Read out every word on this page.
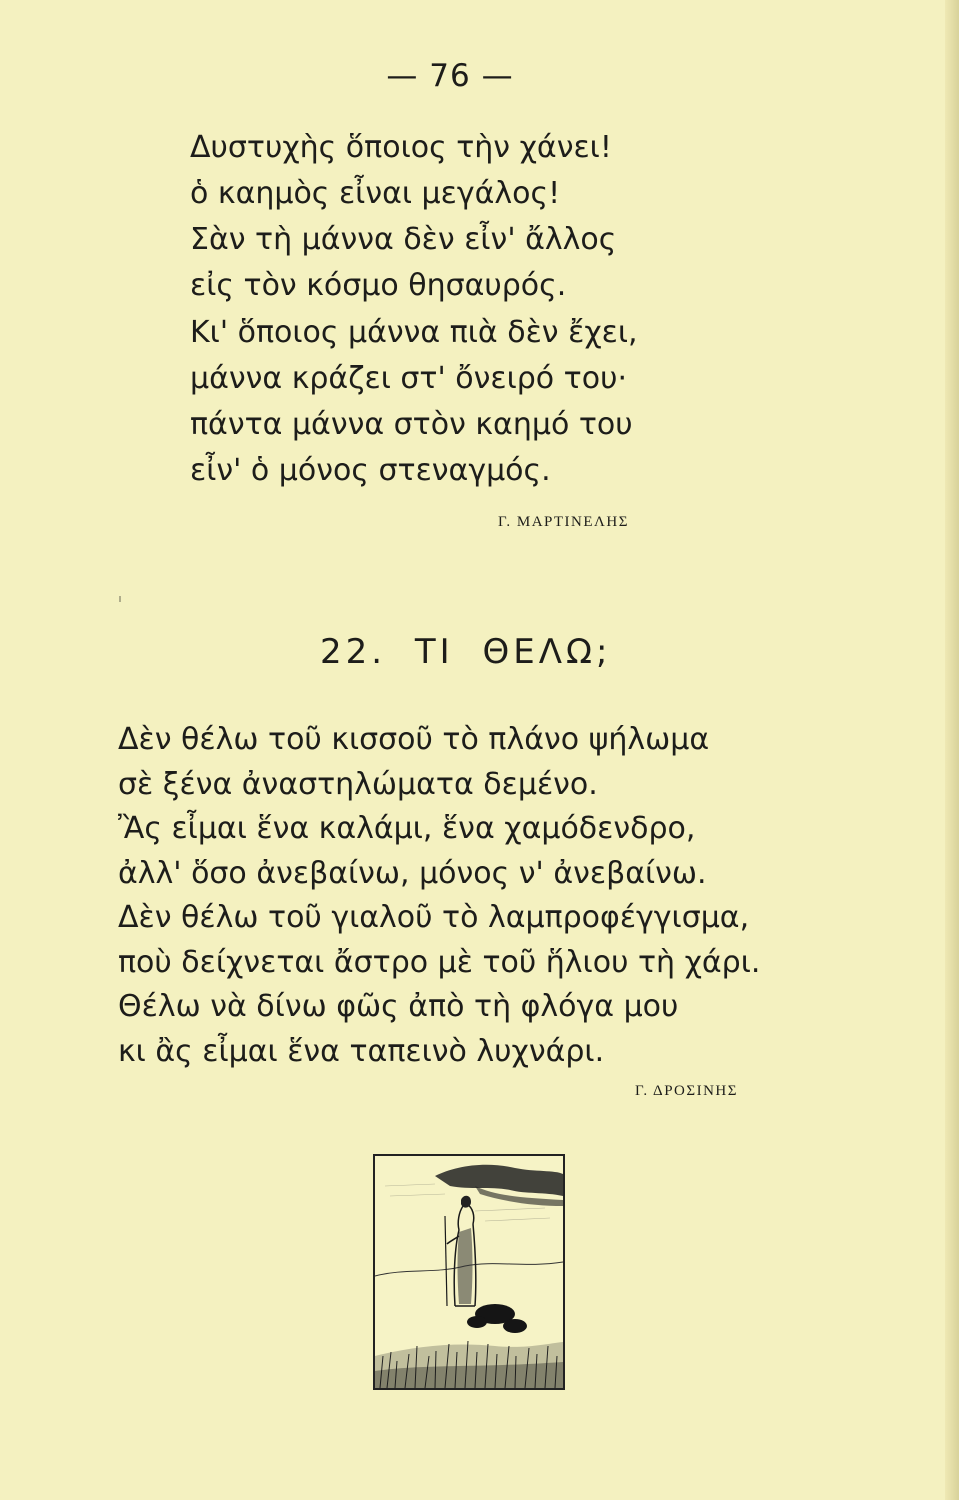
— 76 —
Δυστυχὴς ὅποιος τὴν χάνει!
ὁ καημὸς εἶναι μεγάλος!
Σὰν τὴ μάννα δὲν εἶν' ἄλλος
εἰς τὸν κόσμο θησαυρός.
Κι' ὅποιος μάννα πιὰ δὲν ἔχει,
μάννα κράζει στ' ὄνειρό του·
πάντα μάννα στὸν καημό του
εἶν' ὁ μόνος στεναγμός.
Γ. ΜΑΡΤΙΝΕΛΗΣ
22. ΤΙ ΘΕΛΩ;
Δὲν θέλω τοῦ κισσοῦ τὸ πλάνο ψήλωμα
σὲ ξένα ἀναστηλώματα δεμένο.
Ἂς εἶμαι ἕνα καλάμι, ἕνα χαμόδενδρο,
ἀλλ' ὅσο ἀνεβαίνω, μόνος ν' ἀνεβαίνω.
Δὲν θέλω τοῦ γιαλοῦ τὸ λαμπροφέγγισμα,
ποὺ δείχνεται ἄστρο μὲ τοῦ ἥλιου τὴ χάρι.
Θέλω νὰ δίνω φῶς ἀπὸ τὴ φλόγα μου
κι ἂς εἶμαι ἕνα ταπεινὸ λυχνάρι.
Γ. ΔΡΟΣΙΝΗΣ
